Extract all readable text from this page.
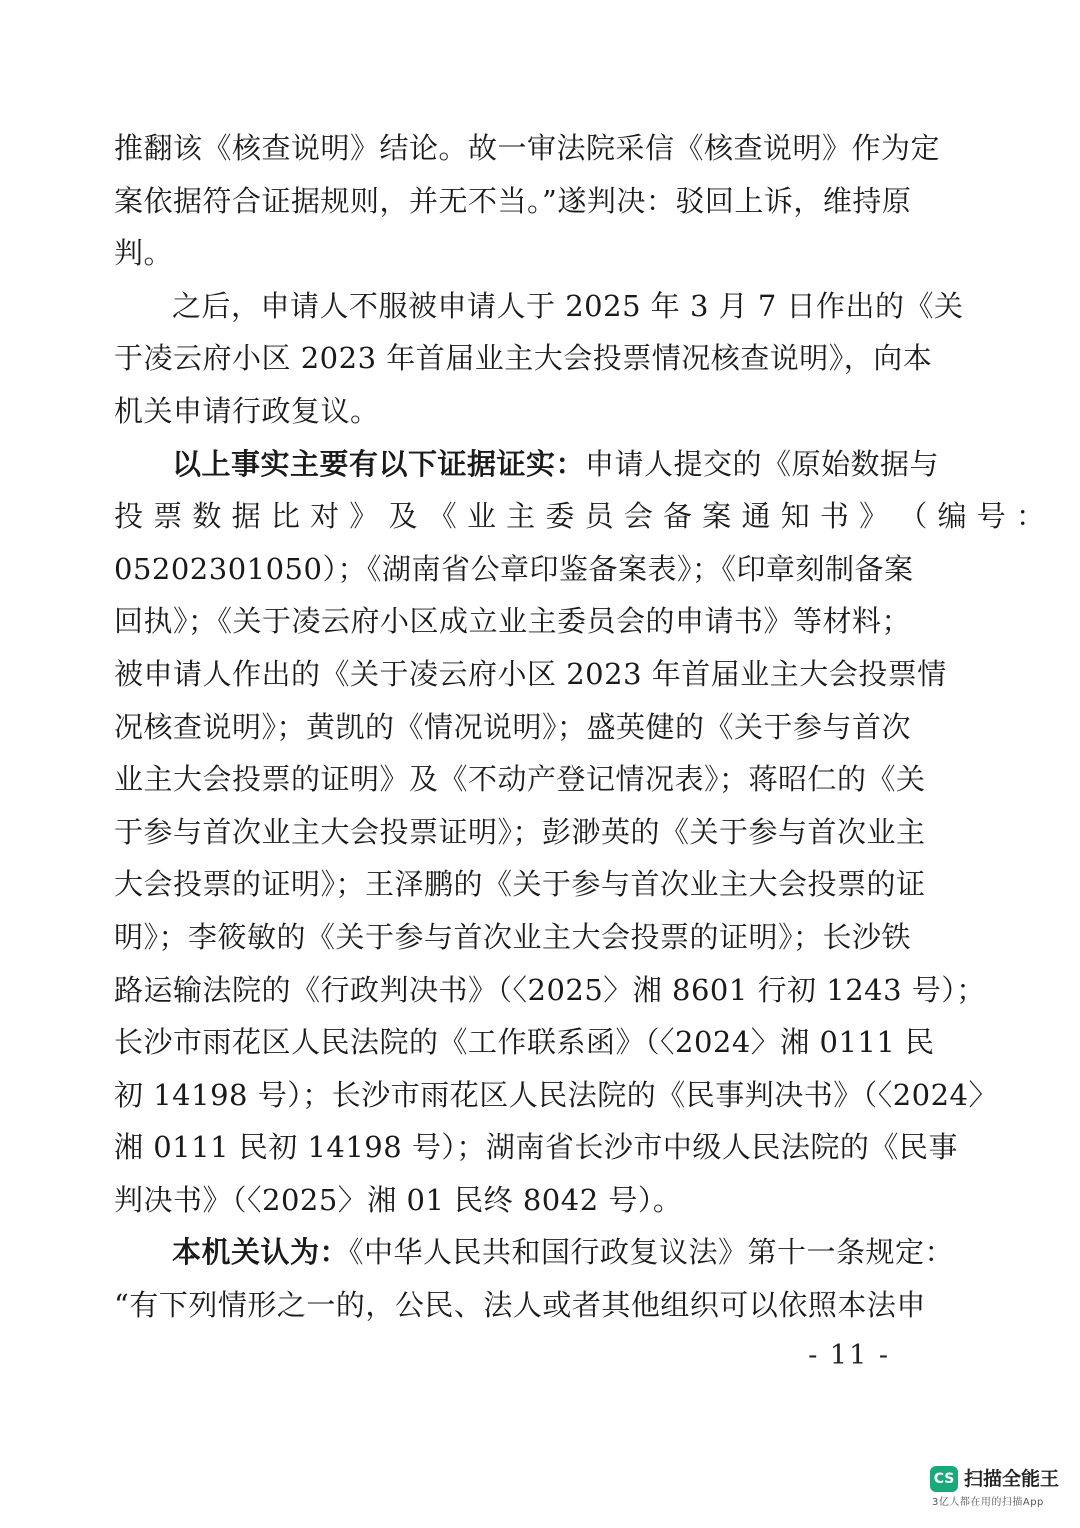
推翻该《核查说明》结论。故一审法院采信《核查说明》作为定
案依据符合证据规则，并无不当。”遂判决：驳回上诉，维持原
判。
之后，申请人不服被申请人于 2025 年 3 月 7 日作出的《关
于凌云府小区 2023 年首届业主大会投票情况核查说明》，向本
机关申请行政复议。
以上事实主要有以下证据证实：申请人提交的《原始数据与
投 票 数 据 比 对 》 及 《 业 主 委 员 会 备 案 通 知 书 》 （ 编 号 ：
05202301050）；《湖南省公章印鉴备案表》；《印章刻制备案
回执》；《关于凌云府小区成立业主委员会的申请书》等材料；
被申请人作出的《关于凌云府小区 2023 年首届业主大会投票情
况核查说明》；黄凯的《情况说明》；盛英健的《关于参与首次
业主大会投票的证明》及《不动产登记情况表》；蒋昭仁的《关
于参与首次业主大会投票证明》；彭渺英的《关于参与首次业主
大会投票的证明》；王泽鹏的《关于参与首次业主大会投票的证
明》；李筱敏的《关于参与首次业主大会投票的证明》；长沙铁
路运输法院的《行政判决书》（〈2025〉湘 8601 行初 1243 号）；
长沙市雨花区人民法院的《工作联系函》（〈2024〉湘 0111 民
初 14198 号）；长沙市雨花区人民法院的《民事判决书》（〈2024〉
湘 0111 民初 14198 号）；湖南省长沙市中级人民法院的《民事
判决书》（〈2025〉湘 01 民终 8042 号）。
本机关认为：《中华人民共和国行政复议法》第十一条规定：
“有下列情形之一的，公民、法人或者其他组织可以依照本法申
- 11 -
CS 扫描全能王
3亿人都在用的扫描App
